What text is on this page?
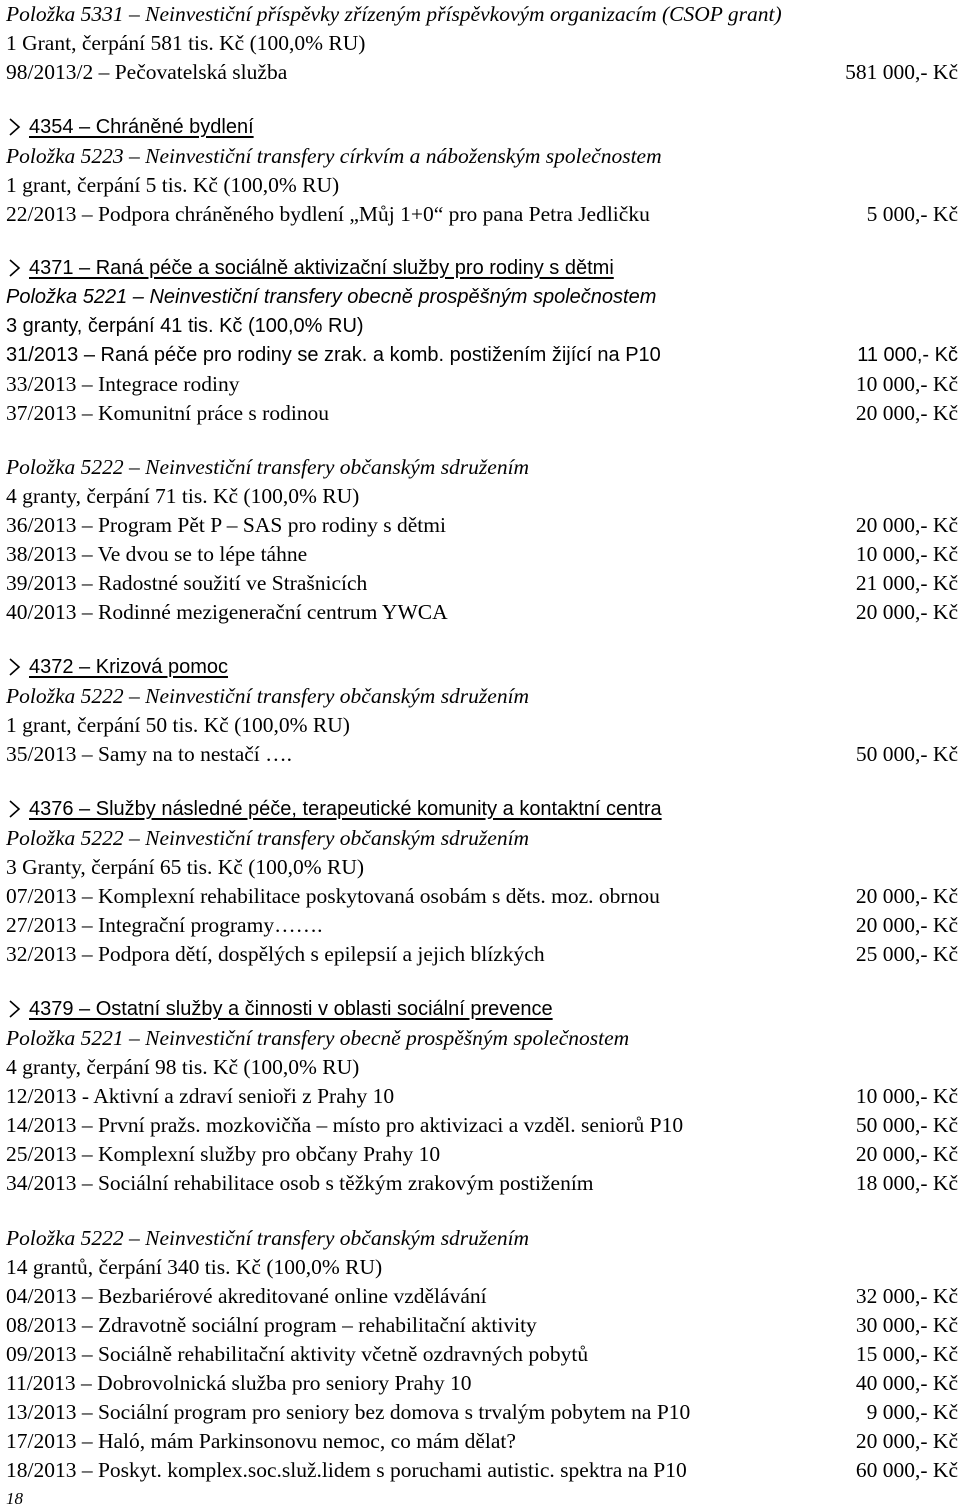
Položka 5331 – Neinvestiční příspěvky zřízeným příspěvkovým organizacím (CSOP grant)
1 Grant, čerpání 581 tis. Kč (100,0% RU)
98/2013/2 – Pečovatelská služba	581 000,- Kč
4354 – Chráněné bydlení
Položka 5223 – Neinvestiční transfery církvím a náboženským společnostem
1 grant, čerpání 5 tis. Kč (100,0% RU)
22/2013 – Podpora chráněného bydlení „Můj 1+0“ pro pana Petra Jedličku	5 000,- Kč
4371 – Raná péče a sociálně aktivizační služby pro rodiny s dětmi
Položka 5221 – Neinvestiční transfery obecně prospěšným společnostem
3 granty, čerpání 41 tis. Kč (100,0% RU)
31/2013 – Raná péče pro rodiny se zrak. a komb. postižením žijící na P10	11 000,- Kč
33/2013 – Integrace rodiny	10 000,- Kč
37/2013 – Komunitní práce s rodinou	20 000,- Kč
Položka 5222 – Neinvestiční transfery občanským sdružením
4 granty, čerpání 71 tis. Kč (100,0% RU)
36/2013 – Program Pět P – SAS pro rodiny s dětmi	20 000,- Kč
38/2013 – Ve dvou se to lépe táhne	10 000,- Kč
39/2013 – Radostné soužití ve Strašnicích	21 000,- Kč
40/2013 – Rodinné mezigenerační centrum YWCA	20 000,- Kč
4372 – Krizová pomoc
Položka 5222 – Neinvestiční transfery občanským sdružením
1 grant, čerpání 50 tis. Kč (100,0% RU)
35/2013 – Samy na to nestačí ….	50 000,- Kč
4376 – Služby následné péče, terapeutické komunity a kontaktní centra
Položka 5222 – Neinvestiční transfery občanským sdružením
3 Granty, čerpání 65 tis. Kč (100,0% RU)
07/2013 – Komplexní rehabilitace poskytovaná osobám s děts. moz. obrnou	20 000,- Kč
27/2013 – Integrační programy…….	20 000,- Kč
32/2013 – Podpora dětí, dospělých s epilepsií a jejich blízkých	25 000,- Kč
4379 – Ostatní služby a činnosti v oblasti sociální prevence
Položka 5221 – Neinvestiční transfery obecně prospěšným společnostem
4 granty, čerpání 98 tis. Kč (100,0% RU)
12/2013 - Aktivní a zdraví senioři z Prahy 10	10 000,- Kč
14/2013 – První pražs. mozkovičňa – místo pro aktivizaci a vzděl. seniorů P10	50 000,- Kč
25/2013 – Komplexní služby pro občany Prahy 10	20 000,- Kč
34/2013 – Sociální rehabilitace osob s těžkým zrakovým postižením	18 000,- Kč
Položka 5222 – Neinvestiční transfery občanským sdružením
14 grantů, čerpání 340 tis. Kč (100,0% RU)
04/2013 – Bezbariérové akreditované online vzdělávání	32 000,- Kč
08/2013 – Zdravotně sociální program – rehabilitační aktivity	30 000,- Kč
09/2013 – Sociálně rehabilitační aktivity včetně ozdravných pobytů	15 000,- Kč
11/2013 – Dobrovolnická služba pro seniory Prahy 10	40 000,- Kč
13/2013 – Sociální program pro seniory bez domova s trvalým pobytem na P10	9 000,- Kč
17/2013 – Haló, mám Parkinsonovu nemoc, co mám dělat?	20 000,- Kč
18/2013 – Poskyt. komplex.soc.služ.lidem s poruchami autistic. spektra na P10	60 000,- Kč
18
